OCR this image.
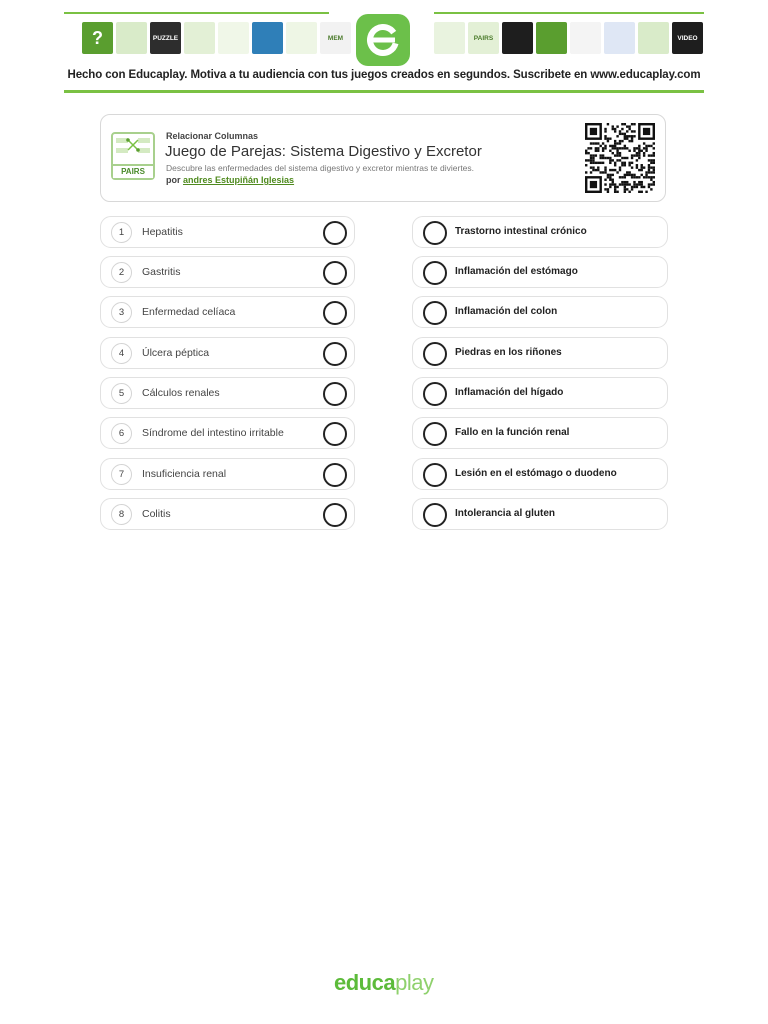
?	PUZZLE	MEM	PAIRS	VIDEO
Hecho con Educaplay. Motiva a tu audiencia con tus juegos creados en segundos. Suscribete en www.educaplay.com
PAIRS
Relacionar Columnas
Juego de Parejas: Sistema Digestivo y Excretor
Descubre las enfermedades del sistema digestivo y excretor mientras te diviertes.
por andres Estupiñán Iglesias
1	Hepatitis
2	Gastritis
3	Enfermedad celíaca
4	Úlcera péptica
5	Cálculos renales
6	Síndrome del intestino irritable
7	Insuficiencia renal
8	Colitis
Trastorno intestinal crónico
Inflamación del estómago
Inflamación del colon
Piedras en los riñones
Inflamación del hígado
Fallo en la función renal
Lesión en el estómago o duodeno
Intolerancia al gluten
educaplay
